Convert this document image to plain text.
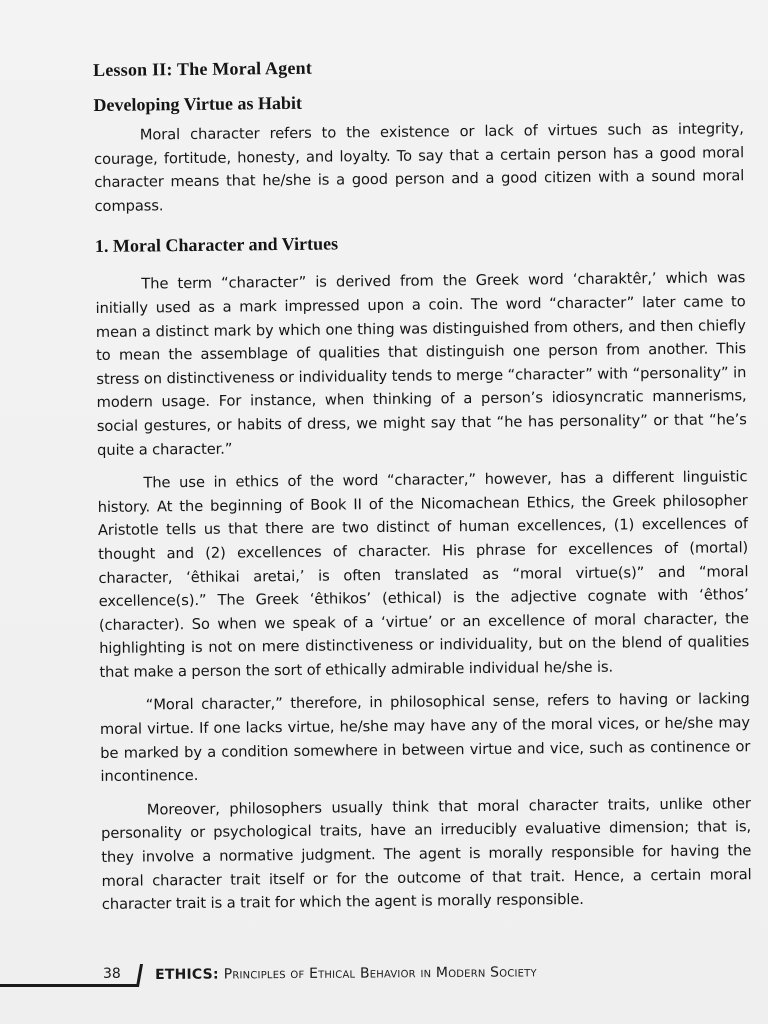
Lesson II: The Moral Agent
Developing Virtue as Habit

Moral character refers to the existence or lack of virtues such as integrity, courage, fortitude, honesty, and loyalty. To say that a certain person has a good moral character means that he/she is a good person and a good citizen with a sound moral compass.

1. Moral Character and Virtues

The term “character” is derived from the Greek word ‘charaktêr,’ which was initially used as a mark impressed upon a coin. The word “character” later came to mean a distinct mark by which one thing was distinguished from others, and then chiefly to mean the assemblage of qualities that distinguish one person from another. This stress on distinctiveness or individuality tends to merge “character” with “personality” in modern usage. For instance, when thinking of a person’s idiosyncratic mannerisms, social gestures, or habits of dress, we might say that “he has personality” or that “he’s quite a character.”

The use in ethics of the word “character,” however, has a different linguistic history. At the beginning of Book II of the Nicomachean Ethics, the Greek philosopher Aristotle tells us that there are two distinct of human excellences, (1) excellences of thought and (2) excellences of character. His phrase for excellences of (mortal) character, ‘êthikai aretai,’ is often translated as “moral virtue(s)” and “moral excellence(s).” The Greek ‘êthikos’ (ethical) is the adjective cognate with ‘êthos’ (character). So when we speak of a ‘virtue’ or an excellence of moral character, the highlighting is not on mere distinctiveness or individuality, but on the blend of qualities that make a person the sort of ethically admirable individual he/she is.

“Moral character,” therefore, in philosophical sense, refers to having or lacking moral virtue. If one lacks virtue, he/she may have any of the moral vices, or he/she may be marked by a condition somewhere in between virtue and vice, such as continence or incontinence.

Moreover, philosophers usually think that moral character traits, unlike other personality or psychological traits, have an irreducibly evaluative dimension; that is, they involve a normative judgment. The agent is morally responsible for having the moral character trait itself or for the outcome of that trait. Hence, a certain moral character trait is a trait for which the agent is morally responsible.

38 ETHICS: Principles of Ethical Behavior in Modern Society
